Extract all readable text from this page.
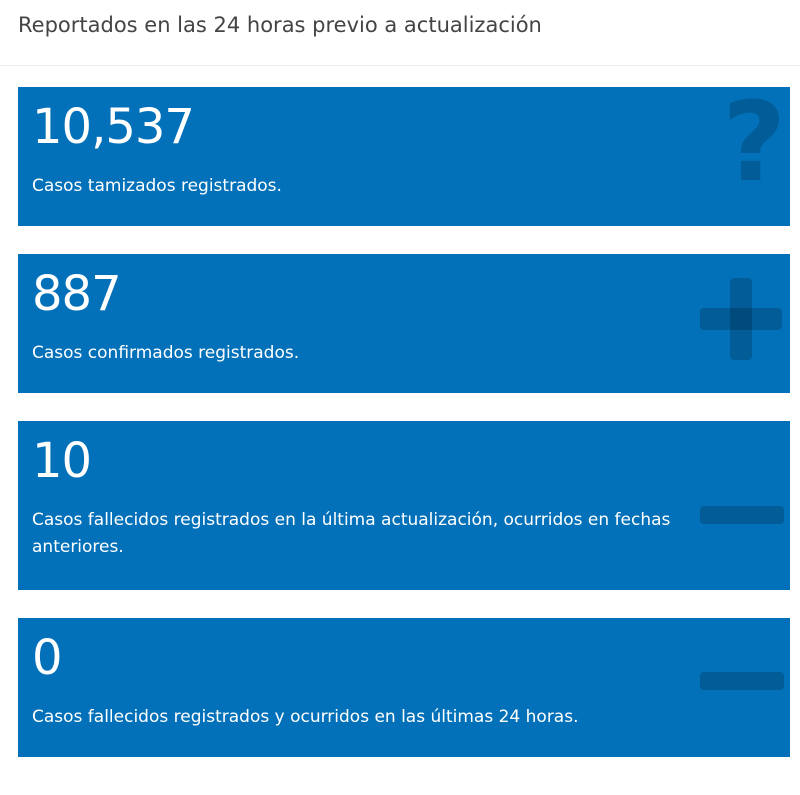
Reportados en las 24 horas previo a actualización
10,537
Casos tamizados registrados.	?
887
Casos confirmados registrados.
10
Casos fallecidos registrados en la última actualización, ocurridos en fechas anteriores.
0
Casos fallecidos registrados y ocurridos en las últimas 24 horas.
